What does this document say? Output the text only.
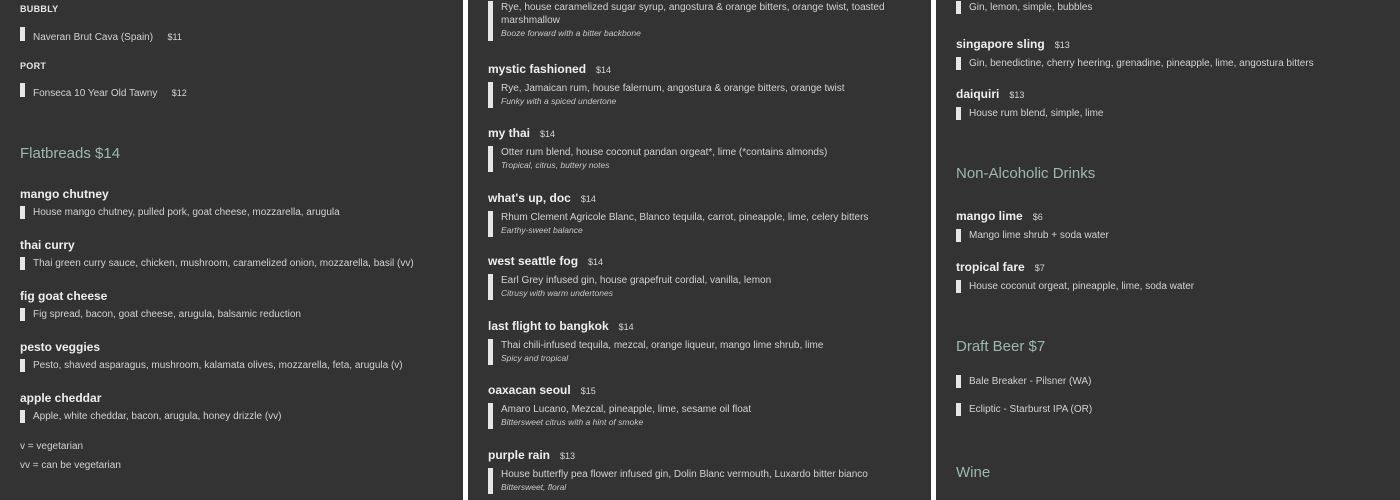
BUBBLY
Naveran Brut Cava (Spain) $11
PORT
Fonseca 10 Year Old Tawny $12
Flatbreads $14
mango chutney
House mango chutney, pulled pork, goat cheese, mozzarella, arugula
thai curry
Thai green curry sauce, chicken, mushroom, caramelized onion, mozzarella, basil (vv)
fig goat cheese
Fig spread, bacon, goat cheese, arugula, balsamic reduction
pesto veggies
Pesto, shaved asparagus, mushroom, kalamata olives, mozzarella, feta, arugula (v)
apple cheddar
Apple, white cheddar, bacon, arugula, honey drizzle (vv)
v = vegetarian
vv = can be vegetarian
Rye, house caramelized sugar syrup, angostura & orange bitters, orange twist, toasted marshmallow
Booze forward with a bitter backbone
mystic fashioned $14
Rye, Jamaican rum, house falernum, angostura & orange bitters, orange twist
Funky with a spiced undertone
my thai $14
Otter rum blend, house coconut pandan orgeat*, lime (*contains almonds)
Tropical, citrus, buttery notes
what's up, doc $14
Rhum Clement Agricole Blanc, Blanco tequila, carrot, pineapple, lime, celery bitters
Earthy-sweet balance
west seattle fog $14
Earl Grey infused gin, house grapefruit cordial, vanilla, lemon
Citrusy with warm undertones
last flight to bangkok $14
Thai chili-infused tequila, mezcal, orange liqueur, mango lime shrub, lime
Spicy and tropical
oaxacan seoul $15
Amaro Lucano, Mezcal, pineapple, lime, sesame oil float
Bittersweet citrus with a hint of smoke
purple rain $13
House butterfly pea flower infused gin, Dolin Blanc vermouth, Luxardo bitter bianco
Bittersweet, floral
Gin, lemon, simple, bubbles
singapore sling $13
Gin, benedictine, cherry heering, grenadine, pineapple, lime, angostura bitters
daiquiri $13
House rum blend, simple, lime
Non-Alcoholic Drinks
mango lime $6
Mango lime shrub + soda water
tropical fare $7
House coconut orgeat, pineapple, lime, soda water
Draft Beer $7
Bale Breaker - Pilsner (WA)
Ecliptic - Starburst IPA (OR)
Wine
